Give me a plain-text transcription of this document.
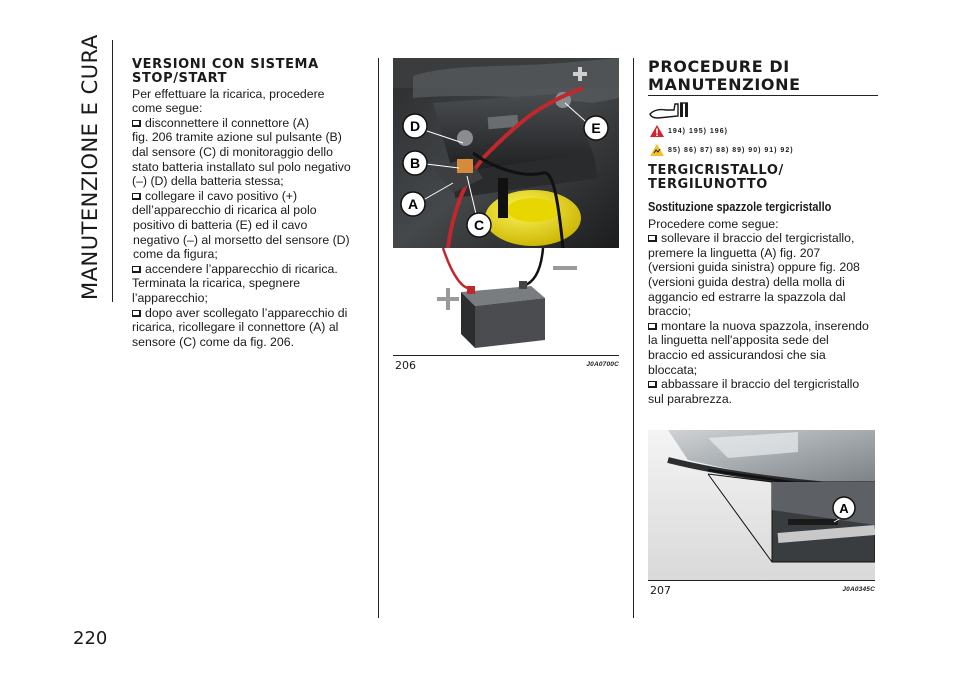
MANUTENZIONE E CURA
220
VERSIONI CON SISTEMA
STOP/START

Per effettuare la ricarica, procedere
come segue:

disconnettere il connettore (A)
fig. 206 tramite azione sul pulsante (B)
dal sensore (C) di monitoraggio dello
stato batteria installato sul polo negativo
(–) (D) della batteria stessa;

collegare il cavo positivo (+)
dell’apparecchio di ricarica al polo
positivo di batteria (E) ed il cavo
negativo (–) al morsetto del sensore (D)
come da figura;

accendere l’apparecchio di ricarica.
Terminata la ricarica, spegnere
l’apparecchio;

dopo aver scollegato l’apparecchio di
ricarica, ricollegare il connettore (A) al
sensore (C) come da fig. 206.

D
B
A
C
E
206	J0A0700C
PROCEDURE DI
MANUTENZIONE
194) 195) 196)
85) 86) 87) 88) 89) 90) 91) 92)
TERGICRISTALLO/
TERGILUNOTTO

Sostituzione spazzole tergicristallo

Procedere come segue:

sollevare il braccio del tergicristallo,
premere la linguetta (A) fig. 207
(versioni guida sinistra) oppure fig. 208
(versioni guida destra) della molla di
aggancio ed estrarre la spazzola dal
braccio;

montare la nuova spazzola, inserendo
la linguetta nell'apposita sede del
braccio ed assicurandosi che sia
bloccata;

abbassare il braccio del tergicristallo
sul parabrezza.

A
207	J0A0345C
